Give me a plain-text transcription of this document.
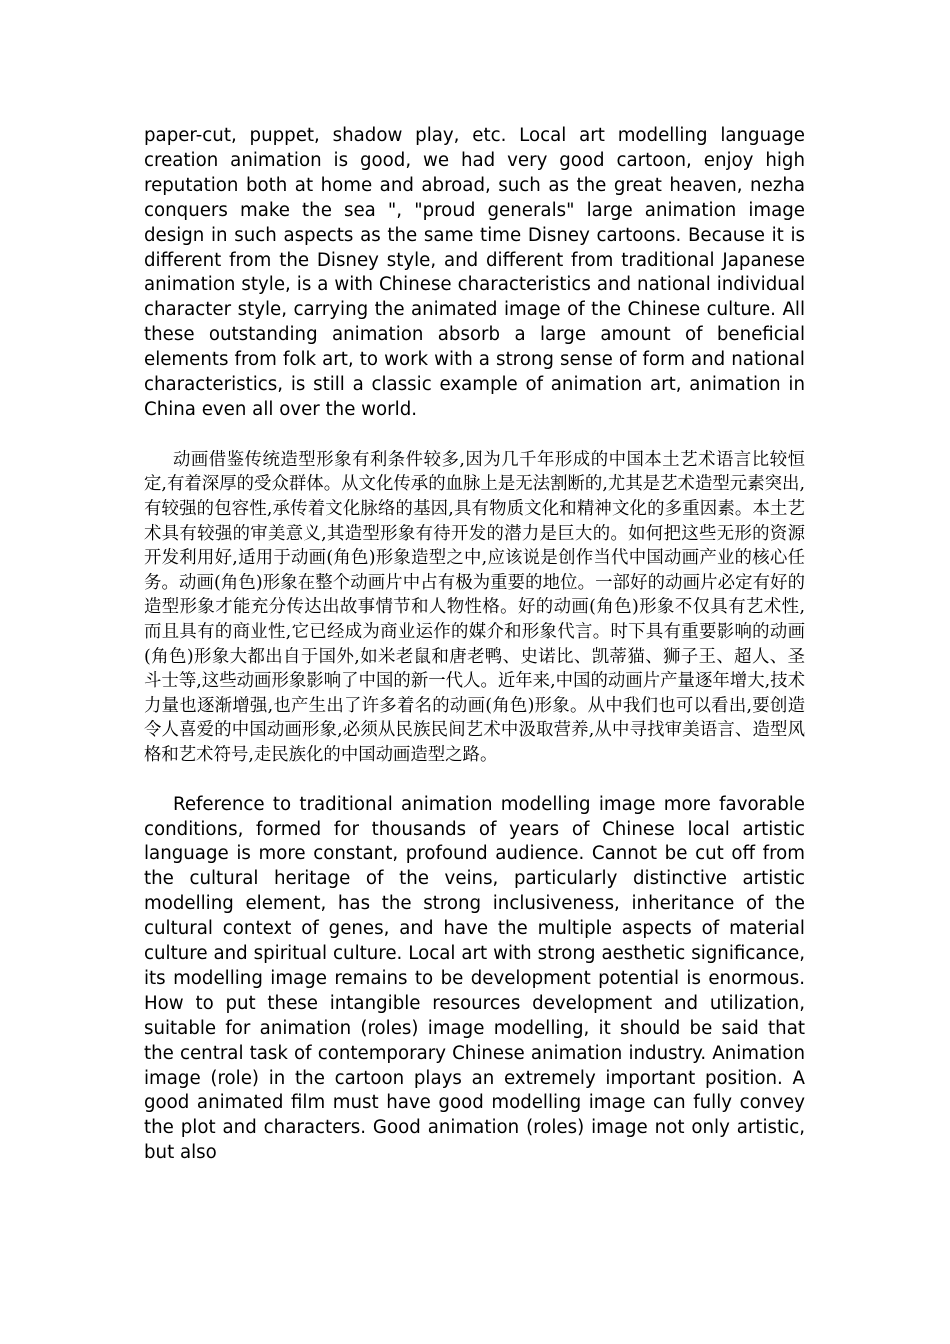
paper-cut, puppet, shadow play, etc. Local art modelling language creation animation is good, we had very good cartoon, enjoy high reputation both at home and abroad, such as the great heaven, nezha conquers make the sea ", "proud generals" large animation image design in such aspects as the same time Disney cartoons. Because it is different from the Disney style, and different from traditional Japanese animation style, is a with Chinese characteristics and national individual character style, carrying the animated image of the Chinese culture. All these outstanding animation absorb a large amount of beneficial elements from folk art, to work with a strong sense of form and national characteristics, is still a classic example of animation art, animation in China even all over the world.

动画借鉴传统造型形象有利条件较多,因为几千年形成的中国本土艺术语言比较恒定,有着深厚的受众群体。从文化传承的血脉上是无法割断的,尤其是艺术造型元素突出,有较强的包容性,承传着文化脉络的基因,具有物质文化和精神文化的多重因素。本土艺术具有较强的审美意义,其造型形象有待开发的潜力是巨大的。如何把这些无形的资源开发利用好,适用于动画(角色)形象造型之中,应该说是创作当代中国动画产业的核心任务。动画(角色)形象在整个动画片中占有极为重要的地位。一部好的动画片必定有好的造型形象才能充分传达出故事情节和人物性格。好的动画(角色)形象不仅具有艺术性,而且具有的商业性,它已经成为商业运作的媒介和形象代言。时下具有重要影响的动画(角色)形象大都出自于国外,如米老鼠和唐老鸭、史诺比、凯蒂猫、狮子王、超人、圣斗士等,这些动画形象影响了中国的新一代人。近年来,中国的动画片产量逐年增大,技术力量也逐渐增强,也产生出了许多着名的动画(角色)形象。从中我们也可以看出,要创造令人喜爱的中国动画形象,必须从民族民间艺术中汲取营养,从中寻找审美语言、造型风格和艺术符号,走民族化的中国动画造型之路。

Reference to traditional animation modelling image more favorable conditions, formed for thousands of years of Chinese local artistic language is more constant, profound audience. Cannot be cut off from the cultural heritage of the veins, particularly distinctive artistic modelling element, has the strong inclusiveness, inheritance of the cultural context of genes, and have the multiple aspects of material culture and spiritual culture. Local art with strong aesthetic significance, its modelling image remains to be development potential is enormous. How to put these intangible resources development and utilization, suitable for animation (roles) image modelling, it should be said that the central task of contemporary Chinese animation industry. Animation image (role) in the cartoon plays an extremely important position. A good animated film must have good modelling image can fully convey the plot and characters. Good animation (roles) image not only artistic, but also
